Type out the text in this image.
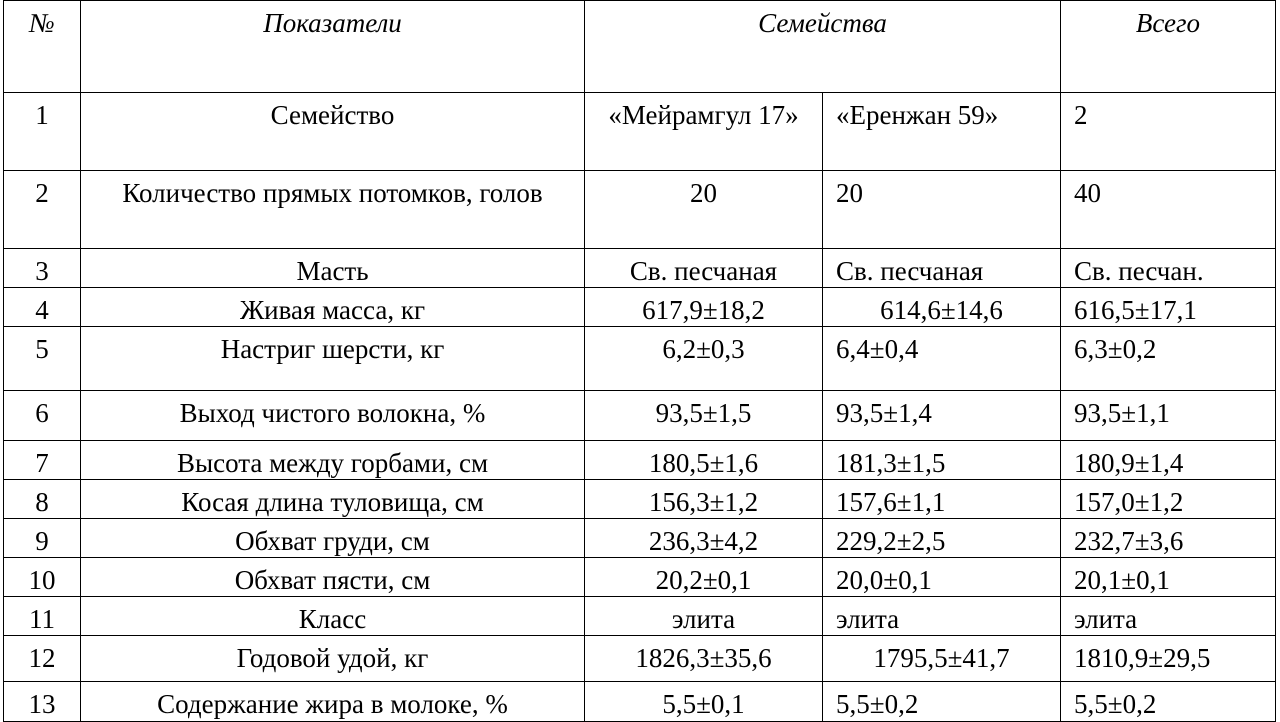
№	Показатели	Семейства		Всего
1	Семейство	«Мейрамгул 17»	«Еренжан 59»	2
2	Количество прямых потомков, голов	20	20	40
3	Масть	Св. песчаная	Св. песчаная	Св. песчан.
4	Живая масса, кг	617,9±18,2	614,6±14,6	616,5±17,1
5	Настриг шерсти, кг	6,2±0,3	6,4±0,4	6,3±0,2
6	Выход чистого волокна, %	93,5±1,5	93,5±1,4	93,5±1,1
7	Высота между горбами, см	180,5±1,6	181,3±1,5	180,9±1,4
8	Косая длина туловища, см	156,3±1,2	157,6±1,1	157,0±1,2
9	Обхват груди, см	236,3±4,2	229,2±2,5	232,7±3,6
10	Обхват пясти, см	20,2±0,1	20,0±0,1	20,1±0,1
11	Класс	элита	элита	элита
12	Годовой удой, кг	1826,3±35,6	1795,5±41,7	1810,9±29,5
13	Содержание жира в молоке, %	5,5±0,1	5,5±0,2	5,5±0,2
